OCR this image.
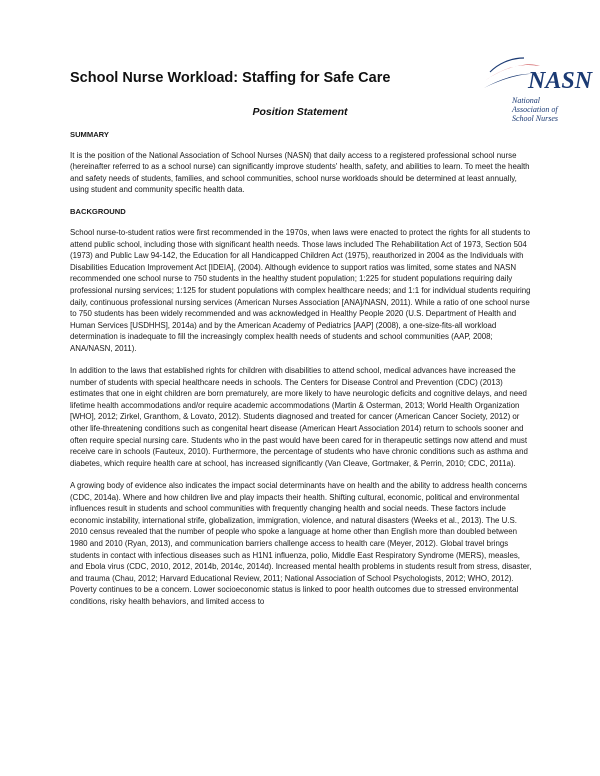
School Nurse Workload: Staffing for Safe Care	NASN
National
Association of
School Nurses
Position Statement
SUMMARY

It is the position of the National Association of School Nurses (NASN) that daily access to a registered professional school nurse (hereinafter referred to as a school nurse) can significantly improve students' health, safety, and abilities to learn. To meet the health and safety needs of students, families, and school communities, school nurse workloads should be determined at least annually, using student and community specific health data.

BACKGROUND

School nurse-to-student ratios were first recommended in the 1970s, when laws were enacted to protect the rights for all students to attend public school, including those with significant health needs. Those laws included The Rehabilitation Act of 1973, Section 504 (1973) and Public Law 94-142, the Education for all Handicapped Children Act (1975), reauthorized in 2004 as the Individuals with Disabilities Education Improvement Act [IDEIA], (2004). Although evidence to support ratios was limited, some states and NASN recommended one school nurse to 750 students in the healthy student population; 1:225 for student populations requiring daily professional nursing services; 1:125 for student populations with complex healthcare needs; and 1:1 for individual students requiring daily, continuous professional nursing services (American Nurses Association [ANA]/NASN, 2011). While a ratio of one school nurse to 750 students has been widely recommended and was acknowledged in Healthy People 2020 (U.S. Department of Health and Human Services [USDHHS], 2014a) and by the American Academy of Pediatrics [AAP] (2008), a one-size-fits-all workload determination is inadequate to fill the increasingly complex health needs of students and school communities (AAP, 2008; ANA/NASN, 2011).

In addition to the laws that established rights for children with disabilities to attend school, medical advances have increased the number of students with special healthcare needs in schools. The Centers for Disease Control and Prevention (CDC) (2013) estimates that one in eight children are born prematurely, are more likely to have neurologic deficits and cognitive delays, and need lifetime health accommodations and/or require academic accommodations (Martin & Osterman, 2013; World Health Organization [WHO], 2012; Zirkel, Granthom, & Lovato, 2012). Students diagnosed and treated for cancer (American Cancer Society, 2012) or other life-threatening conditions such as congenital heart disease (American Heart Association 2014) return to schools sooner and often require special nursing care. Students who in the past would have been cared for in therapeutic settings now attend and must receive care in schools (Fauteux, 2010). Furthermore, the percentage of students who have chronic conditions such as asthma and diabetes, which require health care at school, has increased significantly (Van Cleave, Gortmaker, & Perrin, 2010; CDC, 2011a).

A growing body of evidence also indicates the impact social determinants have on health and the ability to address health concerns (CDC, 2014a). Where and how children live and play impacts their health. Shifting cultural, economic, political and environmental influences result in students and school communities with frequently changing health and social needs. These factors include economic instability, international strife, globalization, immigration, violence, and natural disasters (Weeks et al., 2013). The U.S. 2010 census revealed that the number of people who spoke a language at home other than English more than doubled between 1980 and 2010 (Ryan, 2013), and communication barriers challenge access to health care (Meyer, 2012). Global travel brings students in contact with infectious diseases such as H1N1 influenza, polio, Middle East Respiratory Syndrome (MERS), measles, and Ebola virus (CDC, 2010, 2012, 2014b, 2014c, 2014d). Increased mental health problems in students result from stress, disaster, and trauma (Chau, 2012; Harvard Educational Review, 2011; National Association of School Psychologists, 2012; WHO, 2012). Poverty continues to be a concern. Lower socioeconomic status is linked to poor health outcomes due to stressed environmental conditions, risky health behaviors, and limited access to
